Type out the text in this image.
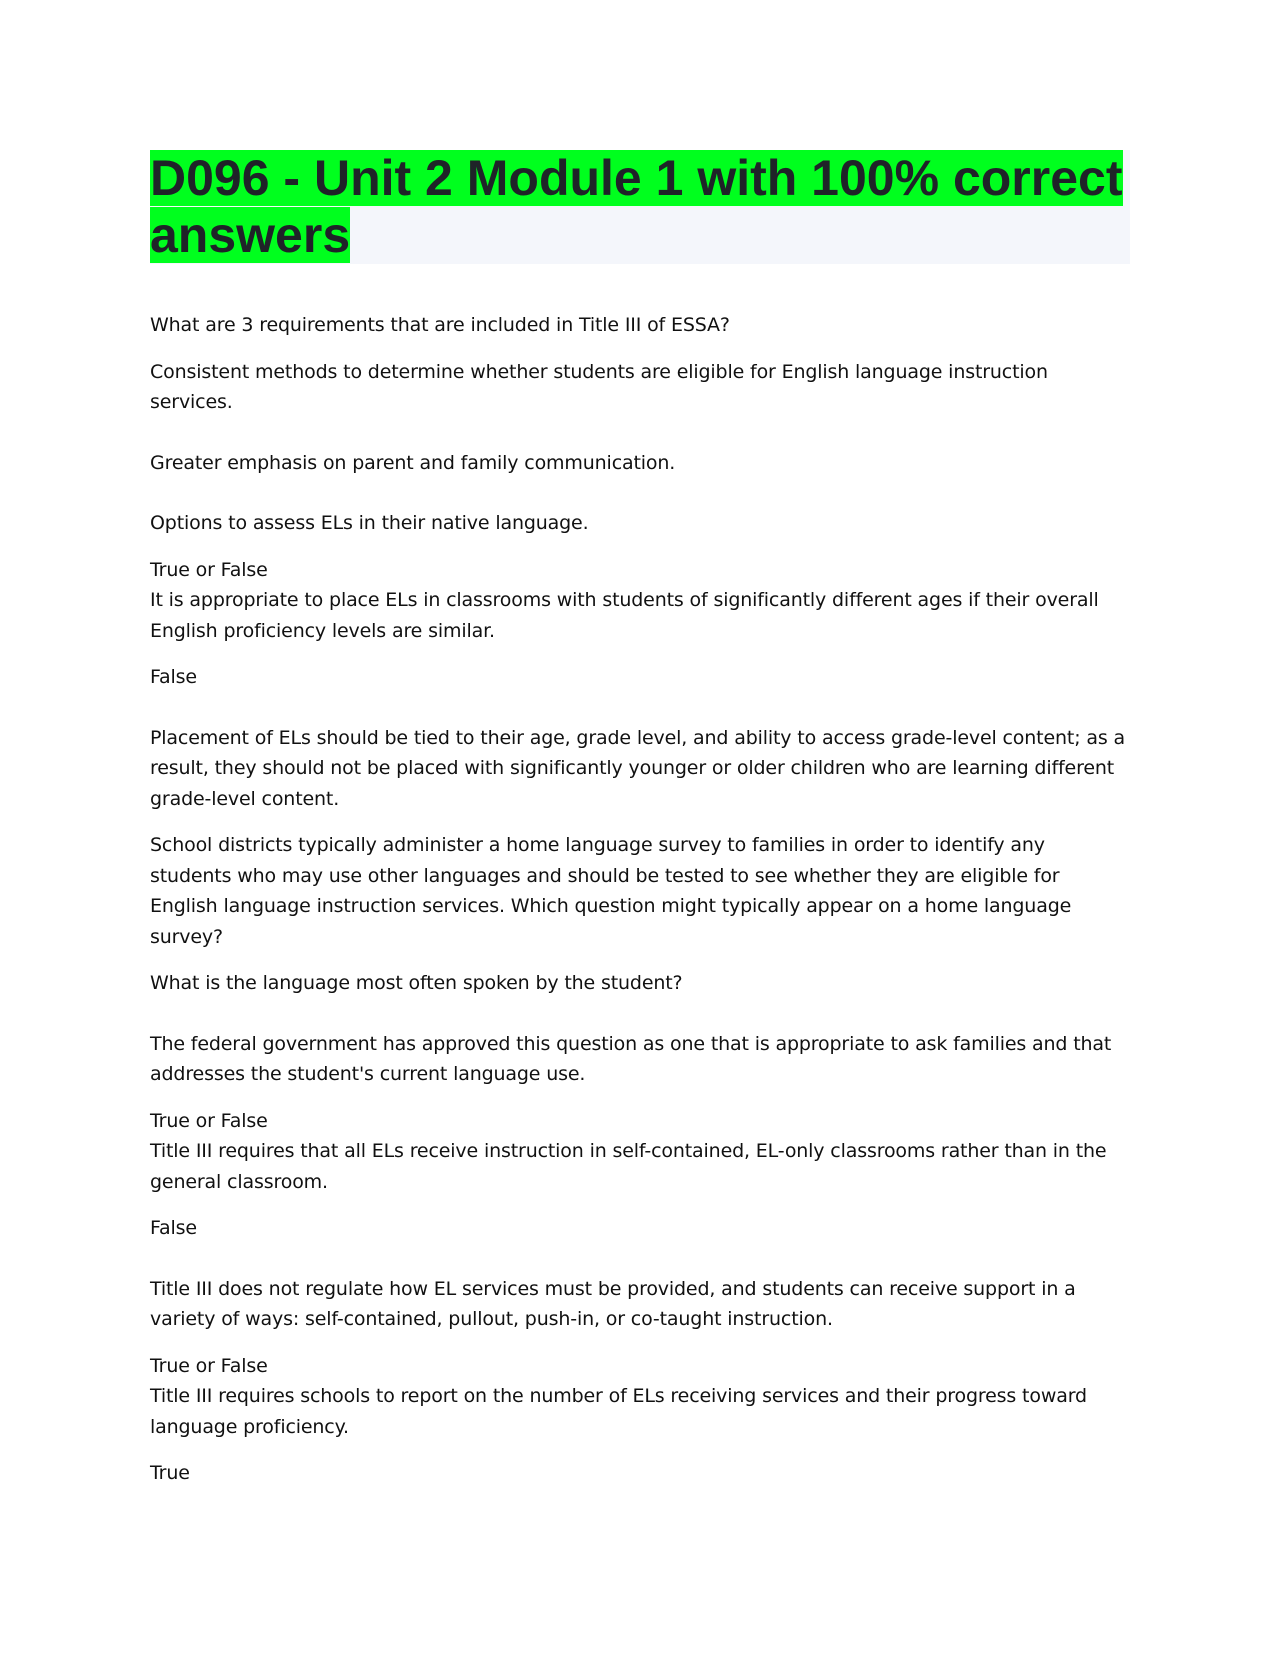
D096 - Unit 2 Module 1 with 100% correct answers

What are 3 requirements that are included in Title III of ESSA?

Consistent methods to determine whether students are eligible for English language instruction services.

Greater emphasis on parent and family communication.

Options to assess ELs in their native language.

True or False

It is appropriate to place ELs in classrooms with students of significantly different ages if their overall English proficiency levels are similar.

False

Placement of ELs should be tied to their age, grade level, and ability to access grade-level content; as a result, they should not be placed with significantly younger or older children who are learning different grade-level content.

School districts typically administer a home language survey to families in order to identify any students who may use other languages and should be tested to see whether they are eligible for English language instruction services. Which question might typically appear on a home language survey?

What is the language most often spoken by the student?

The federal government has approved this question as one that is appropriate to ask families and that addresses the student's current language use.

True or False

Title III requires that all ELs receive instruction in self-contained, EL-only classrooms rather than in the general classroom.

False

Title III does not regulate how EL services must be provided, and students can receive support in a variety of ways: self-contained, pullout, push-in, or co-taught instruction.

True or False

Title III requires schools to report on the number of ELs receiving services and their progress toward language proficiency.

True
